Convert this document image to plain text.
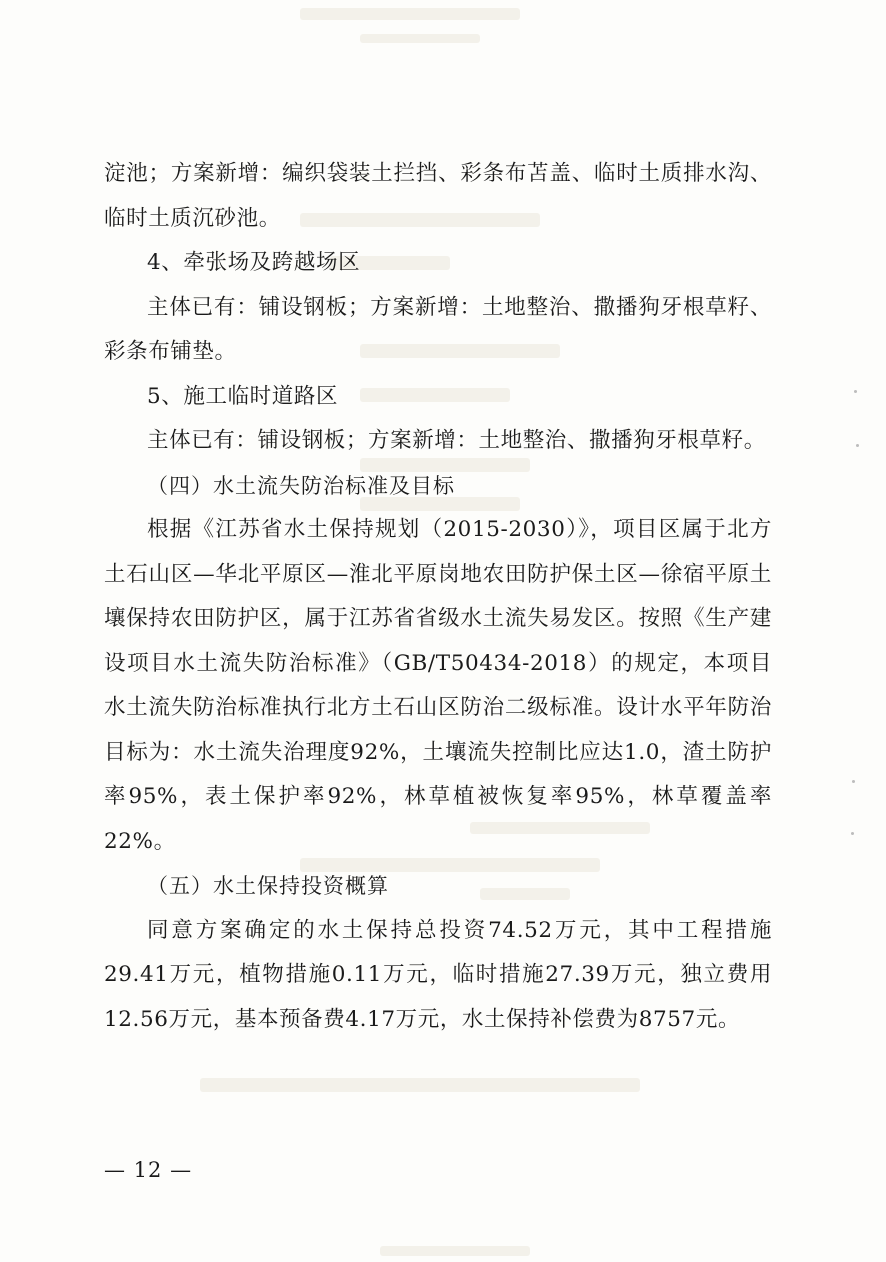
淀池；方案新增：编织袋装土拦挡、彩条布苫盖、临时土质排水沟、临时土质沉砂池。

4、牵张场及跨越场区

主体已有：铺设钢板；方案新增：土地整治、撒播狗牙根草籽、彩条布铺垫。

5、施工临时道路区

主体已有：铺设钢板；方案新增：土地整治、撒播狗牙根草籽。

（四）水土流失防治标准及目标

根据《江苏省水土保持规划（2015-2030）》，项目区属于北方土石山区—华北平原区—淮北平原岗地农田防护保土区—徐宿平原土壤保持农田防护区，属于江苏省省级水土流失易发区。按照《生产建设项目水土流失防治标准》（GB/T50434-2018）的规定，本项目水土流失防治标准执行北方土石山区防治二级标准。设计水平年防治目标为：水土流失治理度92%，土壤流失控制比应达1.0，渣土防护率95%，表土保护率92%，林草植被恢复率95%，林草覆盖率22%。

（五）水土保持投资概算

同意方案确定的水土保持总投资74.52万元，其中工程措施29.41万元，植物措施0.11万元，临时措施27.39万元，独立费用12.56万元，基本预备费4.17万元，水土保持补偿费为8757元。

— 12 —
